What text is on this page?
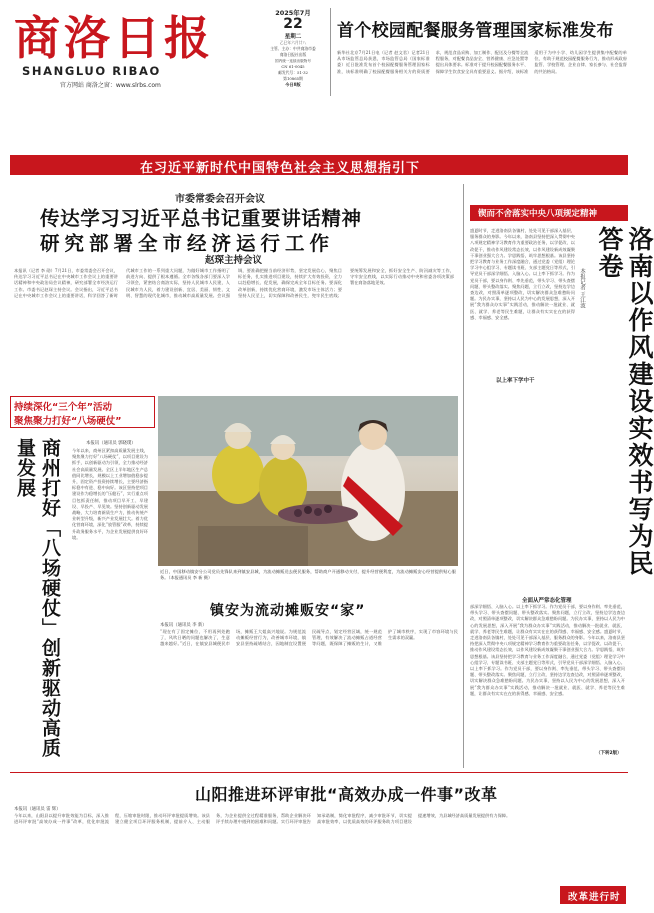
商洛日报
SHANGLUO RIBAO
官方网站 商洛之窗：www.slrbs.com
2025年7月
22
星期二
乙巳年六月廿八
主管、主办：中共商洛市委
商洛日报社出版
国内统一连续出版物号
CN 61-0045
邮发代号：51-32
第10865期
今日8版
首个校园配餐服务管理国家标准发布
新华社北京7月21日电（记者 赵文君）记者21日从市场监管总局获悉，市场监管总局（国家标准委）近日批准发布首个校园配餐服务管理国家标准，该标准明确了校园配餐服务相关方的资质要求，规范食品采购、加工制作、配送及分餐等全流程服务，对配餐食品安全、营养健康、应急处置等提出具体要求。标准对于提升校园配餐服务水平、保障学生饮食安全具有重要意义。据介绍，该标准适用于为中小学、幼儿园学生提供集中配餐的单位，有助于规范校园配餐服务行为，推动形成政府监管、学校管理、企业自律、家长参与、社会监督的共治格局。
在习近平新时代中国特色社会主义思想指引下
市委常委会召开会议
传达学习习近平总书记重要讲话精神
研究部署全市经济运行工作
赵琛主持会议
本报讯（记者 李 勋）7月21日，市委常委会召开会议，传达学习习近平总书记在中央城市工作会议上的重要讲话精神和中央政治局会议精神，研究部署全市经济运行工作。市委书记赵琛主持会议。会议指出，习近平总书记在中央城市工作会议上的重要讲话，科学回答了新时代城市工作的一系列重大问题，为做好城市工作指明了前进方向、提供了根本遵循。全市各级各部门要深入学习领会，紧密结合商洛实际，坚持人民城市人民建，人民城市为人民，着力建设创新、宜居、美丽、韧性、文明、智慧的现代化城市，推动城市高质量发展。会议强调，要准确把握当前经济形势，坚定发展信心，聚焦目标任务，扎实推进项目建设，持续扩大有效投资，全力以赴稳增长、促发展，确保完成全年目标任务。要深化改革创新，持续优化营商环境，激发市场主体活力；要坚持人民至上，切实保障和改善民生，兜牢民生底线；要统筹发展和安全，抓好安全生产、防汛减灾等工作，守牢安全底线，以实际行动推动中央和省委各项决策部署在商洛落地见效。
锲而不舍落实中央八项规定精神
洛南以作风建设实效书写为民答卷
本报记者 王江波
盛夏时节，走进洛南县各镇村，处处可见干部深入基层、服务群众的身影。今年以来，洛南县坚持把深入贯彻中央八项规定精神学习教育作为重要政治任务，以学促改、以改促干，推动作风建设常态长效，以作风建设新成效凝聚干事创业强大合力。学思践悟，筑牢思想根基。该县坚持把学习教育与业务工作深度融合，通过党委（党组）理论学习中心组学习、专题读书班、支部主题党日等形式，引导党员干部深学细悟、入脑入心。以上率下抓学习。作为党员干部，要以身作则、率先垂范，带头学习、带头查摆问题、带头整改落实。聚焦问题，立行立改，坚持边学边查边改，对照清单逐项整改，切实解决群众急难愁盼问题。为民办实事，坚持以人民为中心的发展思想，深入开展“我为群众办实事”实践活动，推动解决一批就业、就医、就学、养老等民生难题，让群众有实实在在的获得感、幸福感、安全感。
以上率下学中干
全面从严常态化管理
部深学细悟、入脑入心。以上率下抓学习。作为党员干部，要以身作则、率先垂范，带头学习、带头查摆问题、带头整改落实。聚焦问题，立行立改，坚持边学边查边改，对照清单逐项整改，切实解决群众急难愁盼问题。为民办实事，坚持以人民为中心的发展思想，深入开展“我为群众办实事”实践活动，推动解决一批就业、就医、就学、养老等民生难题，让群众有实实在在的获得感、幸福感、安全感。盛夏时节，走进洛南县各镇村，处处可见干部深入基层、服务群众的身影。今年以来，洛南县坚持把深入贯彻中央八项规定精神学习教育作为重要政治任务，以学促改、以改促干，推动作风建设常态长效，以作风建设新成效凝聚干事创业强大合力。学思践悟，筑牢思想根基。该县坚持把学习教育与业务工作深度融合，通过党委（党组）理论学习中心组学习、专题读书班、支部主题党日等形式，引导党员干部深学细悟、入脑入心。以上率下抓学习。作为党员干部，要以身作则、率先垂范，带头学习、带头查摆问题、带头整改落实。聚焦问题，立行立改，坚持边学边查边改，对照清单逐项整改，切实解决群众急难愁盼问题。为民办实事，坚持以人民为中心的发展思想，深入开展“我为群众办实事”实践活动，推动解决一批就业、就医、就学、养老等民生难题，让群众有实实在在的获得感、幸福感、安全感。
（下转2版）
持续深化“三个年”活动
聚焦聚力打好“八场硬仗”
商州打好「八场硬仗」创新驱动高质量发展	本报讯（通讯员 郭晓璞）
今年以来，商州区紧扣高质量发展主线，聚焦聚力打好“八场硬仗”，以项目建设为抓手，以创新驱动为引领，全力推动经济社会高质量发展。全区上半年地区生产总值同比增长，规模以上工业增加值稳步提升，固定资产投资持续增长，主要经济指标稳中有进、稳中向好。该区坚持把项目建设作为稳增长的“压舱石”，实行重点项目包抓责任制，推动项目早开工、早建设、早投产、早见效。坚持创新驱动发展战略，大力培育新质生产力，推动传统产业转型升级，新兴产业发展壮大。着力优化营商环境，深化“放管服”改革，持续提升政务服务水平，为企业发展提供良好环境。
近日，中国移动镇安分公司党员先锋队来到镇安县城，为流动摊贩送去便民服务，帮助商户开通移动支付，提升经营便利度，为流动摊贩安心经营提供贴心服务。（本报通讯员 李 新 摄）
镇安为流动摊贩安“家”
本报讯（通讯员 李 新）
“现在有了固定摊位，不用再到处跑了，风吹日晒的问题也解决了，生意越来越好。”近日，在镇安县城便民市场，摊贩王大姐高兴地说。为规范流动摊贩经营行为，改善城市环境，镇安县坚持疏堵结合，因地制宜设置便民疏导点，划定经营区域，统一规范管理，有效解决了流动摊贩占道经营等问题，既保障了摊贩的生计，又维护了城市秩序，实现了市容环境与民生需求的双赢。
山阳推进环评审批“高效办成一件事”改革
本报讯（通讯员 雷 辉）
今年以来，山阳县以提升审批效能为目标，深入推进环评审批“高效办成一件事”改革，优化审批流程，压缩审批时限，推动环评审批提质增效。该县建立健全项目环评服务机制，提前介入、主动服务，为企业提供全过程精准服务，帮助企业解决环评手续办理中遇到的困难和问题。实行环评审批告知承诺制，简化审批程序，减少审批环节，切实提高审批效率，以优质高效的环评服务助力项目建设提速增效，为县域经济高质量发展提供有力保障。
改革进行时
